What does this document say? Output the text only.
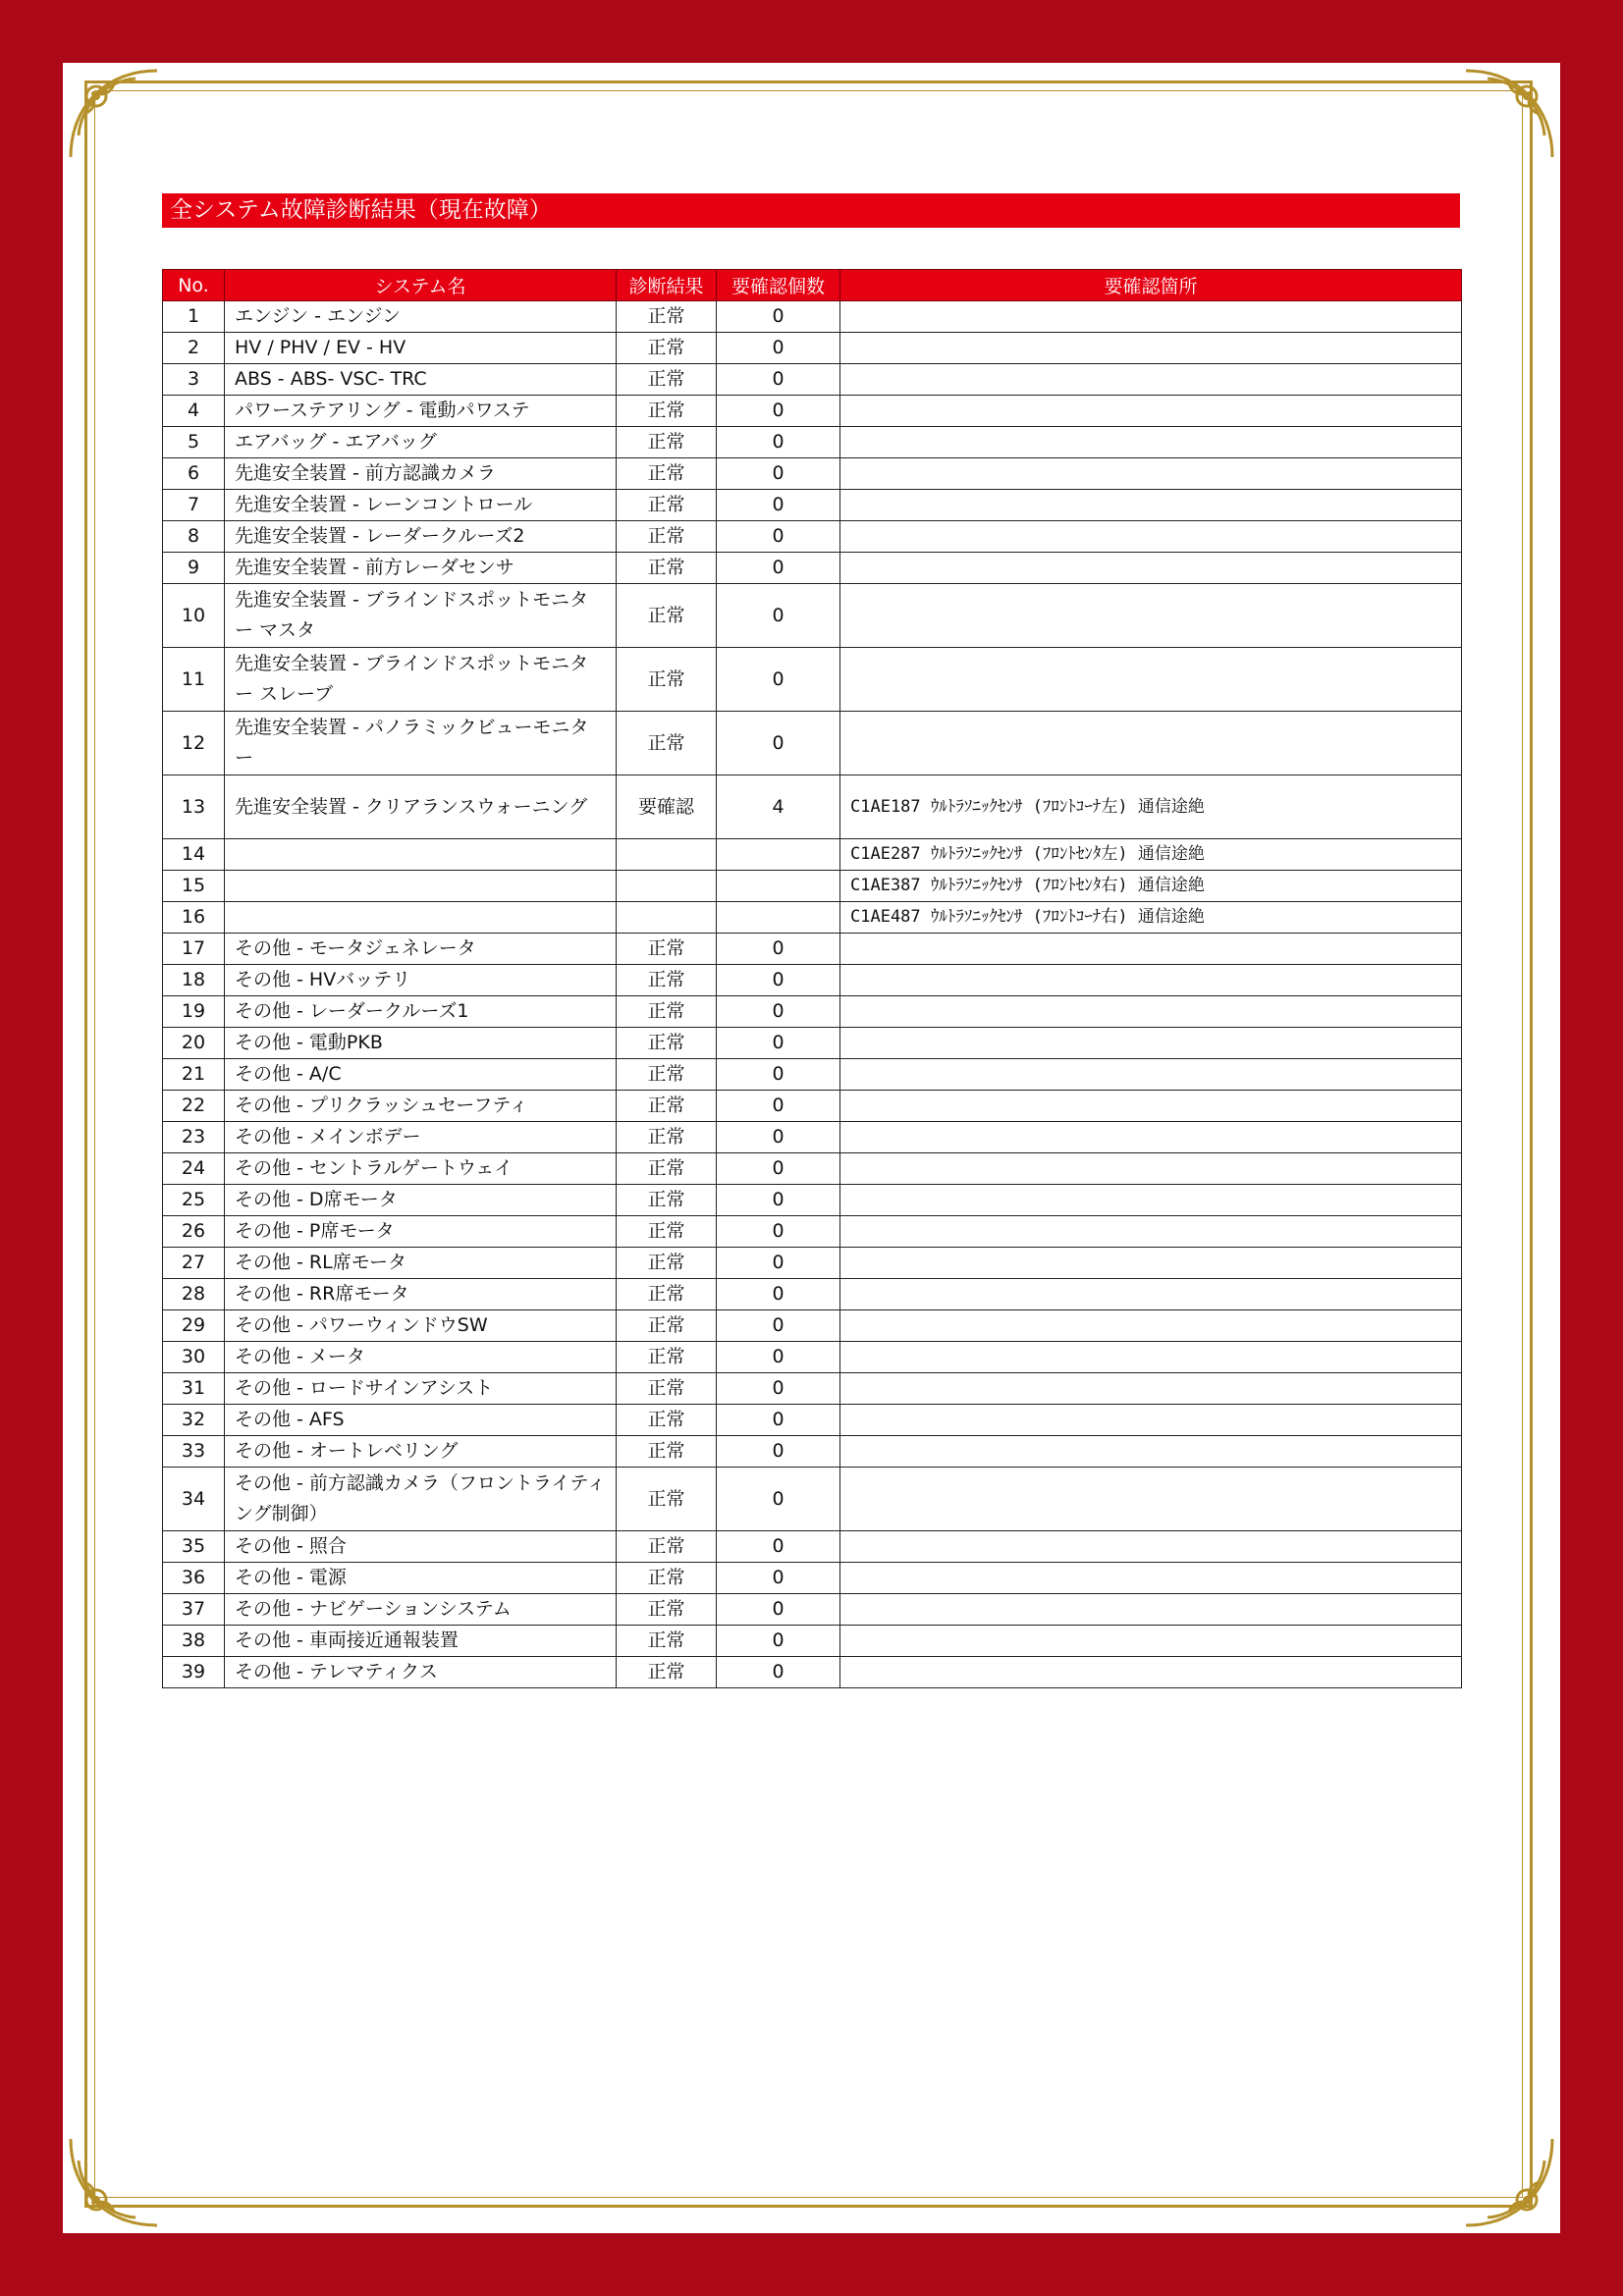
全システム故障診断結果（現在故障）
No.	システム名	診断結果	要確認個数	要確認箇所
1	エンジン - エンジン	正常	0	
2	HV / PHV / EV - HV	正常	0	
3	ABS - ABS- VSC- TRC	正常	0	
4	パワーステアリング - 電動パワステ	正常	0	
5	エアバッグ - エアバッグ	正常	0	
6	先進安全装置 - 前方認識カメラ	正常	0	
7	先進安全装置 - レーンコントロール	正常	0	
8	先進安全装置 - レーダークルーズ2	正常	0	
9	先進安全装置 - 前方レーダセンサ	正常	0	
10	先進安全装置 - ブラインドスポットモニター マスタ	正常	0	
11	先進安全装置 - ブラインドスポットモニター スレーブ	正常	0	
12	先進安全装置 - パノラミックビューモニター	正常	0	
13	先進安全装置 - クリアランスウォーニング	要確認	4	C1AE187 ｳﾙﾄﾗｿﾆｯｸｾﾝｻ (ﾌﾛﾝﾄｺｰﾅ左) 通信途絶
14				C1AE287 ｳﾙﾄﾗｿﾆｯｸｾﾝｻ (ﾌﾛﾝﾄｾﾝﾀ左) 通信途絶
15				C1AE387 ｳﾙﾄﾗｿﾆｯｸｾﾝｻ (ﾌﾛﾝﾄｾﾝﾀ右) 通信途絶
16				C1AE487 ｳﾙﾄﾗｿﾆｯｸｾﾝｻ (ﾌﾛﾝﾄｺｰﾅ右) 通信途絶
17	その他 - モータジェネレータ	正常	0	
18	その他 - HVバッテリ	正常	0	
19	その他 - レーダークルーズ1	正常	0	
20	その他 - 電動PKB	正常	0	
21	その他 - A/C	正常	0	
22	その他 - プリクラッシュセーフティ	正常	0	
23	その他 - メインボデー	正常	0	
24	その他 - セントラルゲートウェイ	正常	0	
25	その他 - D席モータ	正常	0	
26	その他 - P席モータ	正常	0	
27	その他 - RL席モータ	正常	0	
28	その他 - RR席モータ	正常	0	
29	その他 - パワーウィンドウSW	正常	0	
30	その他 - メータ	正常	0	
31	その他 - ロードサインアシスト	正常	0	
32	その他 - AFS	正常	0	
33	その他 - オートレベリング	正常	0	
34	その他 - 前方認識カメラ（フロントライティング制御）	正常	0	
35	その他 - 照合	正常	0	
36	その他 - 電源	正常	0	
37	その他 - ナビゲーションシステム	正常	0	
38	その他 - 車両接近通報装置	正常	0	
39	その他 - テレマティクス	正常	0	
